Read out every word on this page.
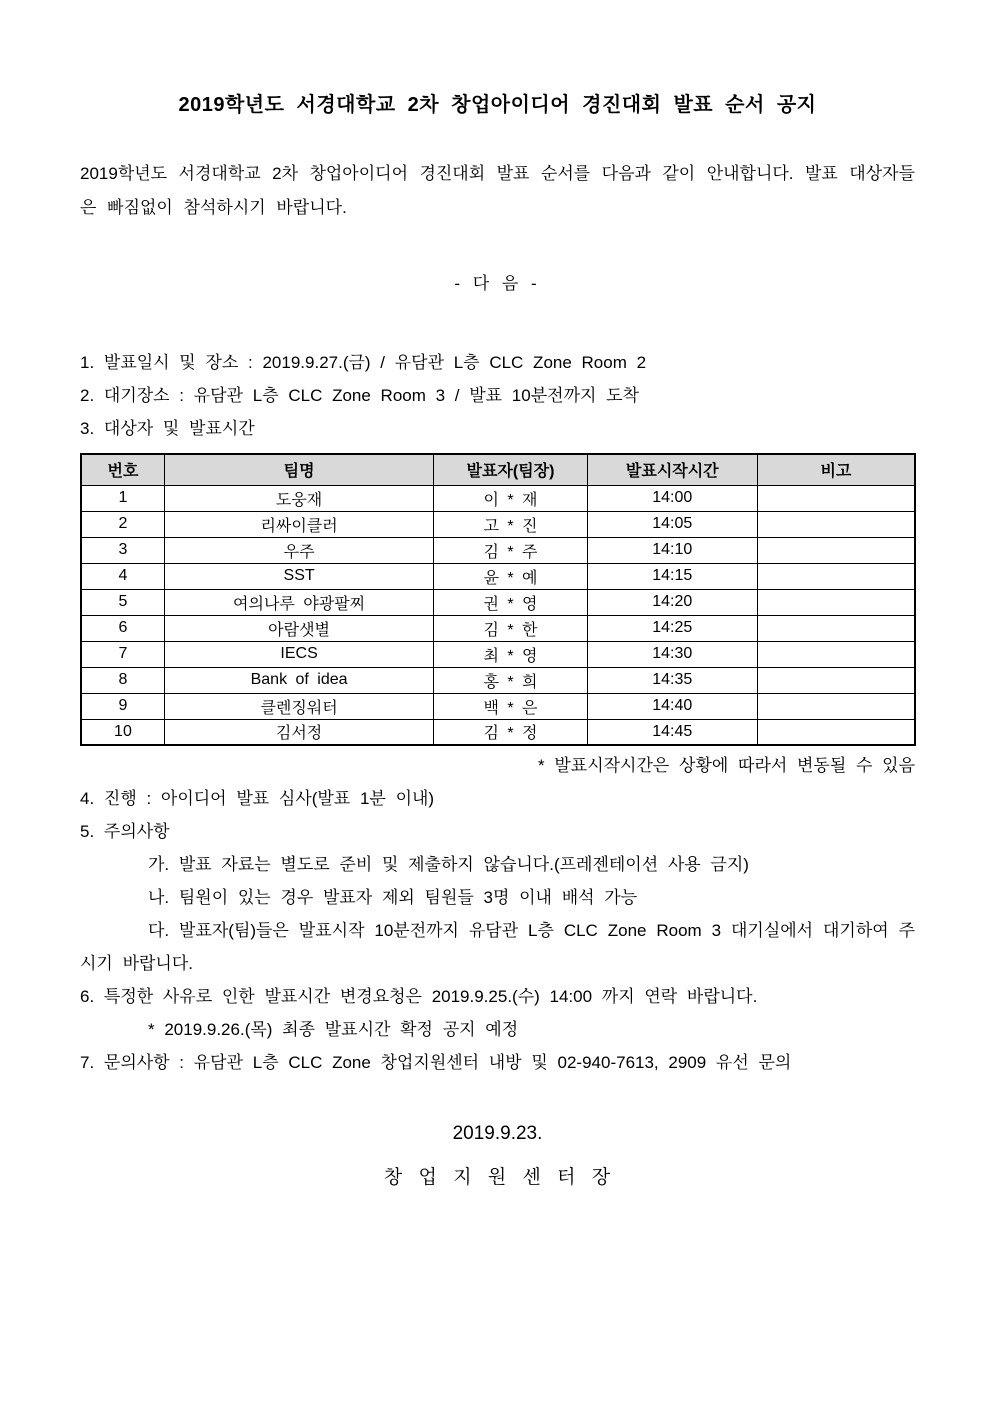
2019학년도 서경대학교 2차 창업아이디어 경진대회 발표 순서 공지
2019학년도 서경대학교 2차 창업아이디어 경진대회 발표 순서를 다음과 같이 안내합니다. 발표 대상자들은 빠짐없이 참석하시기 바랍니다.
- 다 음 -
1. 발표일시 및 장소 : 2019.9.27.(금) / 유담관 L층 CLC Zone Room 2
2. 대기장소 : 유담관 L층 CLC Zone Room 3 / 발표 10분전까지 도착
3. 대상자 및 발표시간
번호	팀명	발표자(팀장)	발표시작시간	비고
1	도웅재	이 * 재	14:00	
2	리싸이클러	고 * 진	14:05	
3	우주	김 * 주	14:10	
4	SST	윤 * 예	14:15	
5	여의나루 야광팔찌	권 * 영	14:20	
6	아람샛별	김 * 한	14:25	
7	IECS	최 * 영	14:30	
8	Bank of idea	홍 * 희	14:35	
9	클렌징워터	백 * 은	14:40	
10	김서정	김 * 정	14:45	
* 발표시작시간은 상황에 따라서 변동될 수 있음
4. 진행 : 아이디어 발표 심사(발표 1분 이내)
5. 주의사항
가. 발표 자료는 별도로 준비 및 제출하지 않습니다.(프레젠테이션 사용 금지)
나. 팀원이 있는 경우 발표자 제외 팀원들 3명 이내 배석 가능
다. 발표자(팀)들은 발표시작 10분전까지 유담관 L층 CLC Zone Room 3 대기실에서 대기하여 주시기 바랍니다.
6. 특정한 사유로 인한 발표시간 변경요청은 2019.9.25.(수) 14:00 까지 연락 바랍니다.
* 2019.9.26.(목) 최종 발표시간 확정 공지 예정
7. 문의사항 : 유담관 L층 CLC Zone 창업지원센터 내방 및 02-940-7613, 2909 유선 문의
2019.9.23.
창 업 지 원 센 터 장
